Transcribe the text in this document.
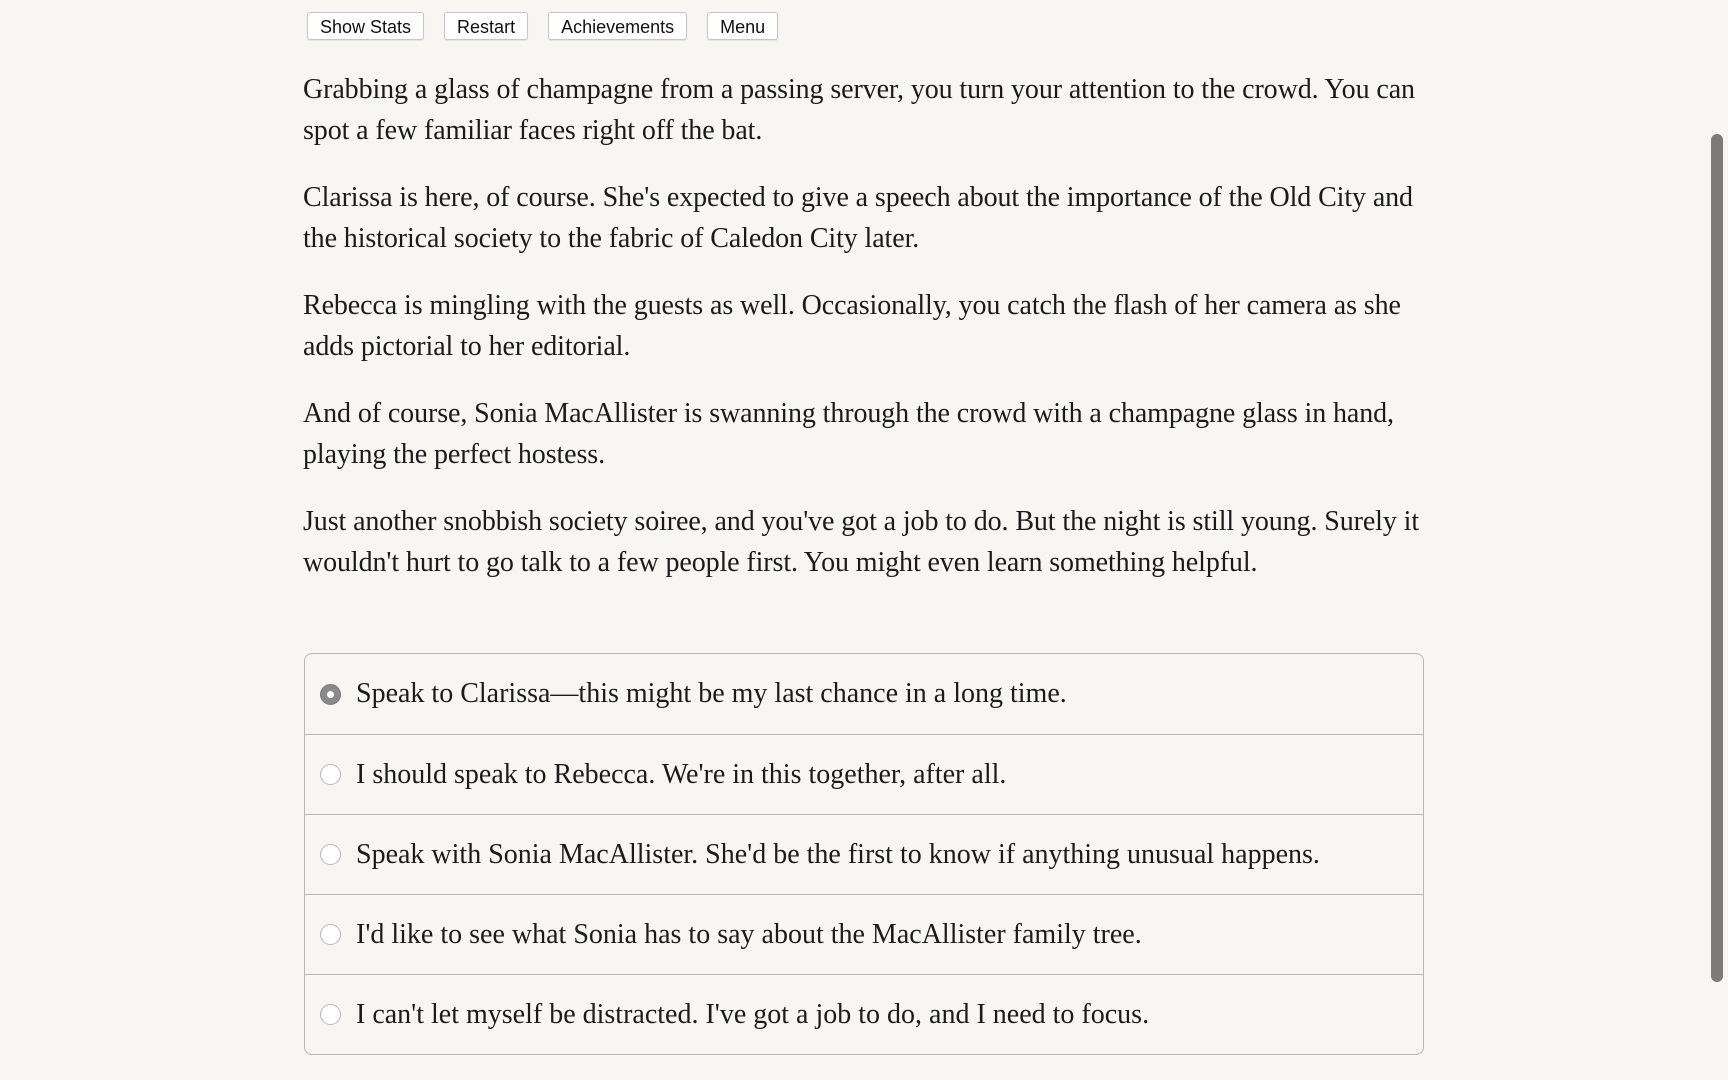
Show Stats	Restart	Achievements	Menu

Grabbing a glass of champagne from a passing server, you turn your attention to the crowd. You can spot a few familiar faces right off the bat.

Clarissa is here, of course. She's expected to give a speech about the importance of the Old City and the historical society to the fabric of Caledon City later.

Rebecca is mingling with the guests as well. Occasionally, you catch the flash of her camera as she adds pictorial to her editorial.

And of course, Sonia MacAllister is swanning through the crowd with a champagne glass in hand, playing the perfect hostess.

Just another snobbish society soiree, and you've got a job to do. But the night is still young. Surely it wouldn't hurt to go talk to a few people first. You might even learn something helpful.

Speak to Clarissa—this might be my last chance in a long time.
I should speak to Rebecca. We're in this together, after all.
Speak with Sonia MacAllister. She'd be the first to know if anything unusual happens.
I'd like to see what Sonia has to say about the MacAllister family tree.
I can't let myself be distracted. I've got a job to do, and I need to focus.
